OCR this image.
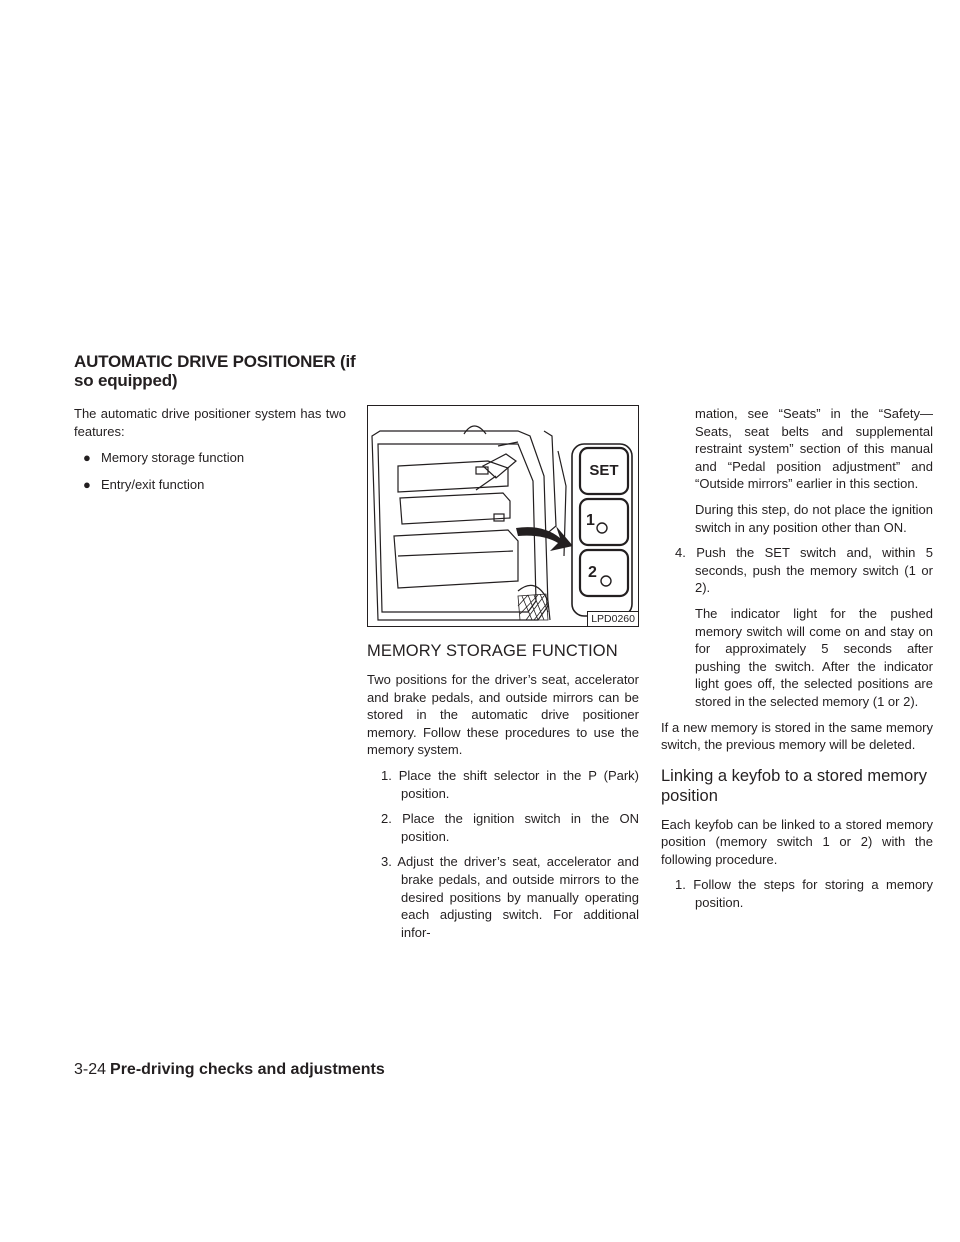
AUTOMATIC DRIVE POSITIONER (if
so equipped)

The automatic drive positioner system has two features:

● Memory storage function
● Entry/exit function
SET
1
2
LPD0260
MEMORY STORAGE FUNCTION

Two positions for the driver’s seat, accelerator and brake pedals, and outside mirrors can be stored in the automatic drive positioner memory. Follow these procedures to use the memory system.

1. Place the shift selector in the P (Park) position.

2. Place the ignition switch in the ON position.

3. Adjust the driver’s seat, accelerator and brake pedals, and outside mirrors to the desired positions by manually operating each adjusting switch. For additional infor-

mation, see “Seats” in the “Safety—Seats, seat belts and supplemental restraint system” section of this manual and “Pedal position adjustment” and “Outside mirrors” earlier in this section.

During this step, do not place the ignition switch in any position other than ON.

4. Push the SET switch and, within 5 seconds, push the memory switch (1 or 2).

The indicator light for the pushed memory switch will come on and stay on for approximately 5 seconds after pushing the switch. After the indicator light goes off, the selected positions are stored in the selected memory (1 or 2).

If a new memory is stored in the same memory switch, the previous memory will be deleted.

Linking a keyfob to a stored memory position

Each keyfob can be linked to a stored memory position (memory switch 1 or 2) with the following procedure.

1. Follow the steps for storing a memory position.

3-24 Pre-driving checks and adjustments
